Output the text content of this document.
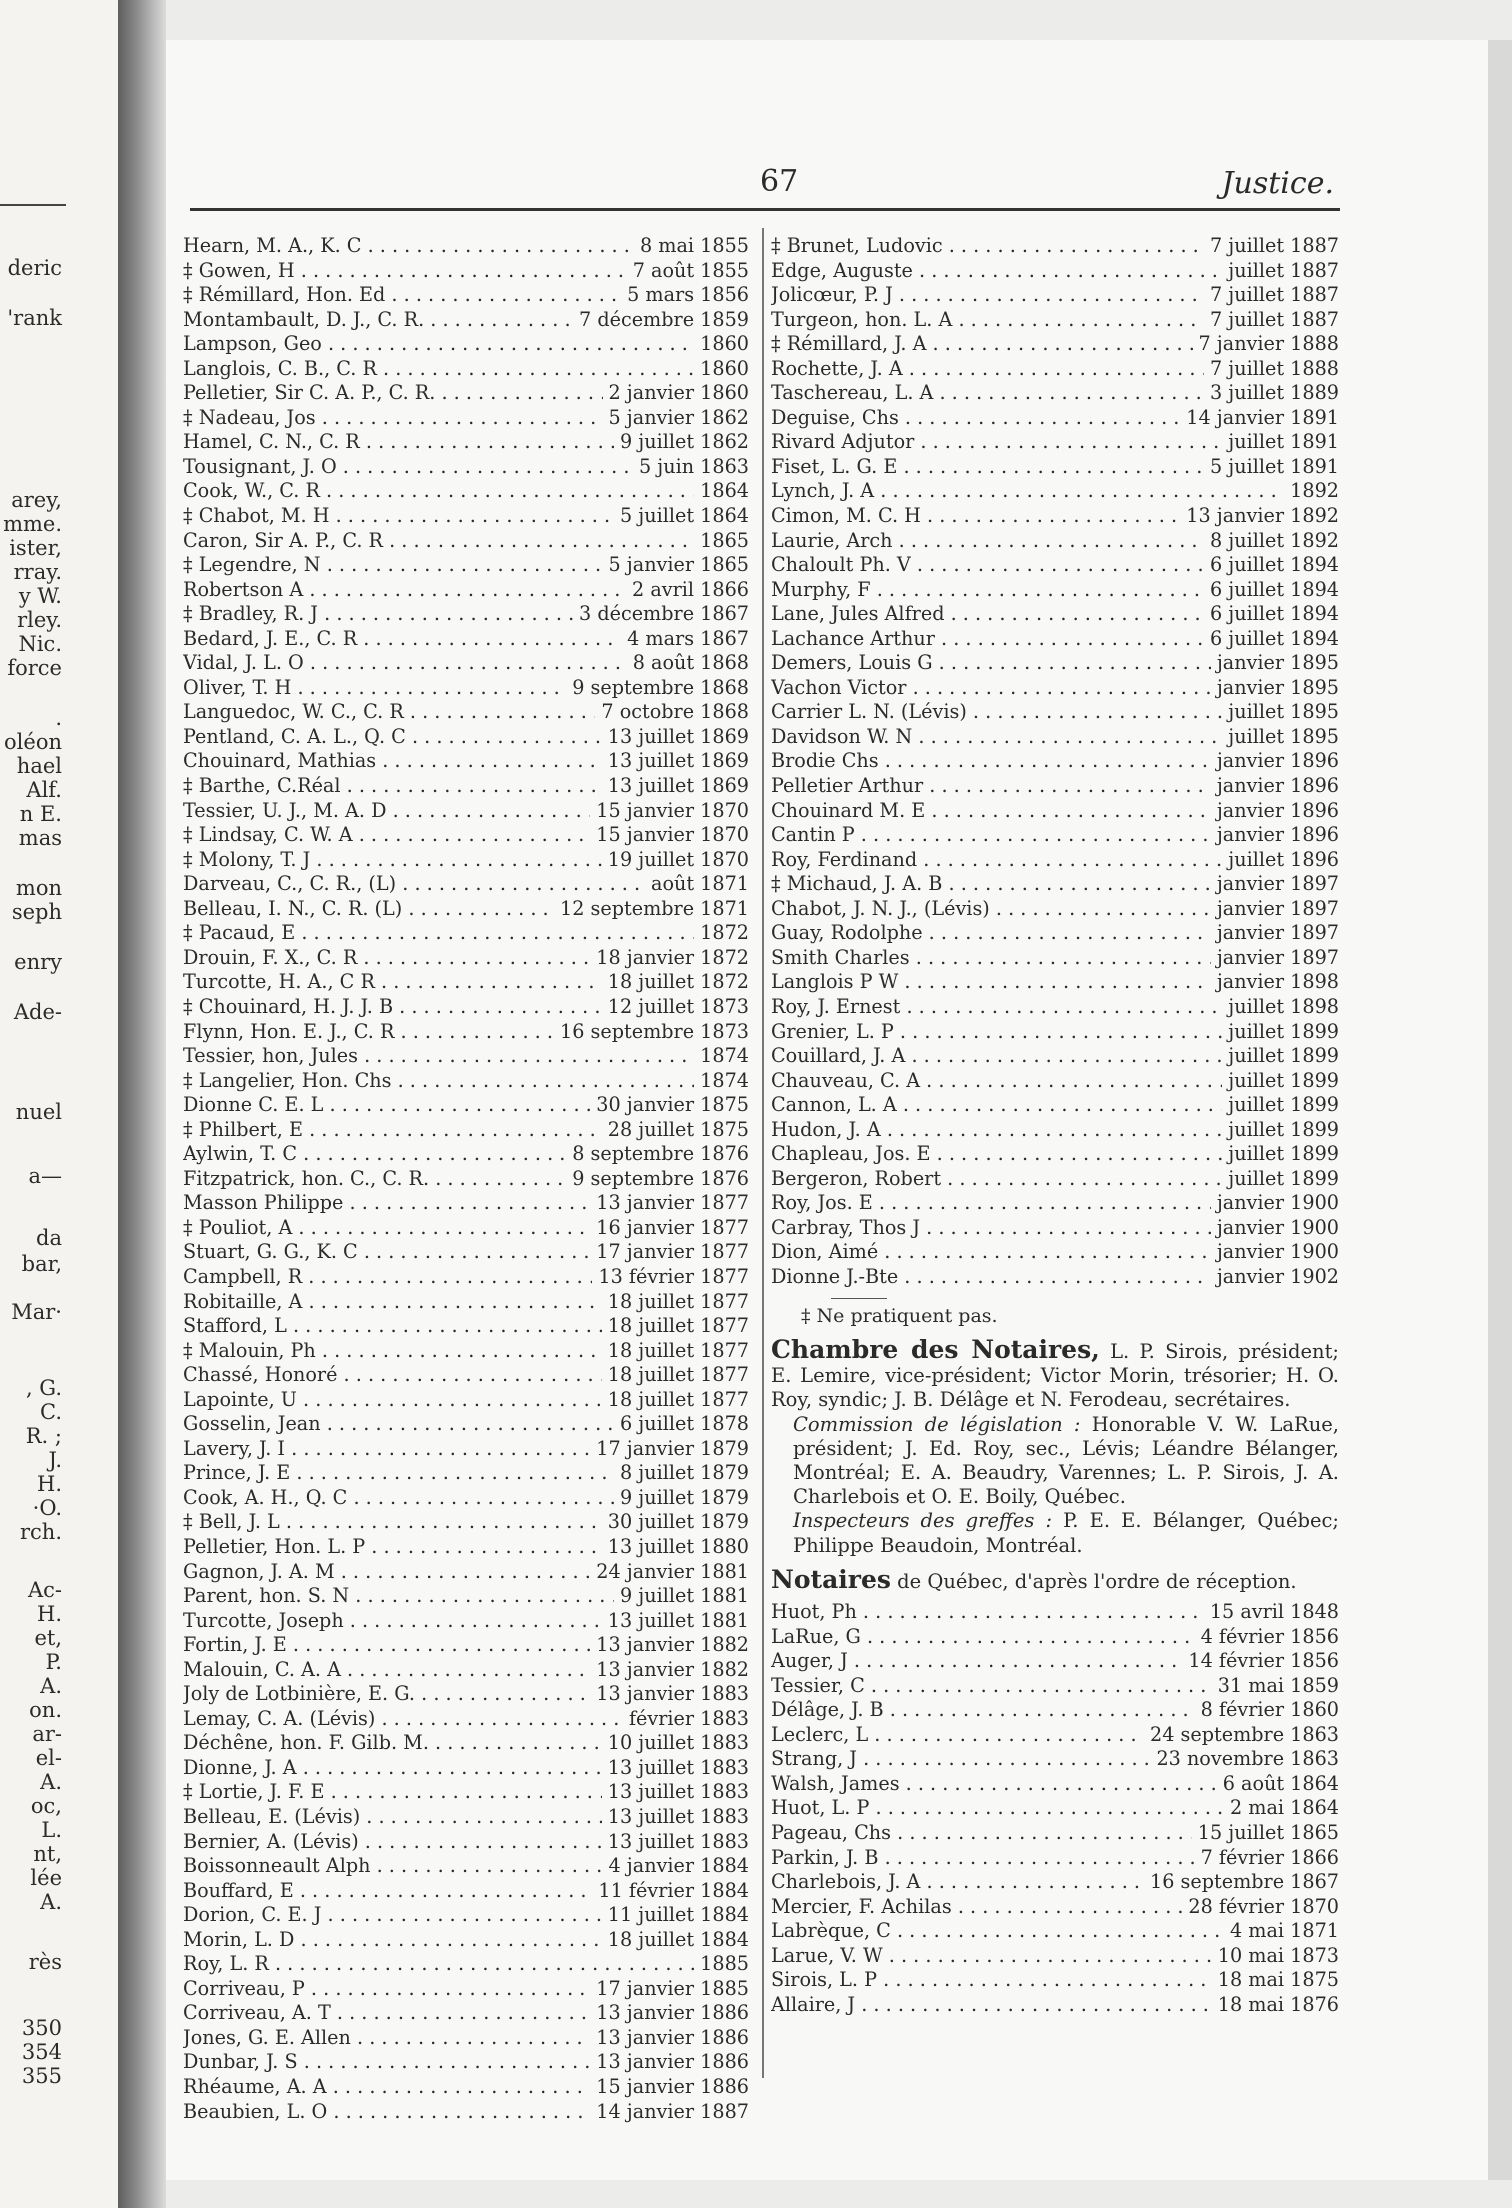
deric
'rank
arey,
mme.
ister,
rray.
y W.
rley.
Nic.
force
.
oléon
hael
Alf.
n E.
mas
mon
seph
enry
Ade-
nuel
a—
da
bar,
Mar·
, G.
C.
R. ;
J.
H.
·O.
rch.
Ac-
H.
et,
P.
A.
on.
ar-
el-
A.
oc,
L.
nt,
lée
A.
rès
350
354
355
67	Justice.
Hearn, M. A., K. C . . .	8 mai 1855
‡ Gowen, H . . .	7 août 1855
‡ Rémillard, Hon. Ed . . .	5 mars 1856
Montambault, D. J., C. R. . . .	7 décembre 1859
Lampson, Geo . . .	1860
Langlois, C. B., C. R . . .	1860
Pelletier, Sir C. A. P., C. R. . . .	2 janvier 1860
‡ Nadeau, Jos . . .	5 janvier 1862
Hamel, C. N., C. R . . .	9 juillet 1862
Tousignant, J. O . . .	5 juin 1863
Cook, W., C. R . . .	1864
‡ Chabot, M. H . . .	5 juillet 1864
Caron, Sir A. P., C. R . . .	1865
‡ Legendre, N . . .	5 janvier 1865
Robertson A . . .	2 avril 1866
‡ Bradley, R. J . . .	3 décembre 1867
Bedard, J. E., C. R . . .	4 mars 1867
Vidal, J. L. O . . .	8 août 1868
Oliver, T. H . . .	9 septembre 1868
Languedoc, W. C., C. R . . .	7 octobre 1868
Pentland, C. A. L., Q. C . . .	13 juillet 1869
Chouinard, Mathias . . .	13 juillet 1869
‡ Barthe, C.Réal . . .	13 juillet 1869
Tessier, U. J., M. A. D . . .	15 janvier 1870
‡ Lindsay, C. W. A . . .	15 janvier 1870
‡ Molony, T. J . . .	19 juillet 1870
Darveau, C., C. R., (L) . . .	août 1871
Belleau, I. N., C. R. (L) . . .	12 septembre 1871
‡ Pacaud, E . . .	1872
Drouin, F. X., C. R . . .	18 janvier 1872
Turcotte, H. A., C R . . .	18 juillet 1872
‡ Chouinard, H. J. J. B . . .	12 juillet 1873
Flynn, Hon. E. J., C. R . . .	16 septembre 1873
Tessier, hon, Jules . . .	1874
‡ Langelier, Hon. Chs . . .	1874
Dionne C. E. L . . .	30 janvier 1875
‡ Philbert, E . . .	28 juillet 1875
Aylwin, T. C . . .	8 septembre 1876
Fitzpatrick, hon. C., C. R. . . .	9 septembre 1876
Masson Philippe . . .	13 janvier 1877
‡ Pouliot, A . . .	16 janvier 1877
Stuart, G. G., K. C . . .	17 janvier 1877
Campbell, R . . .	13 février 1877
Robitaille, A . . .	18 juillet 1877
Stafford, L . . .	18 juillet 1877
‡ Malouin, Ph . . .	18 juillet 1877
Chassé, Honoré . . .	18 juillet 1877
Lapointe, U . . .	18 juillet 1877
Gosselin, Jean . . .	6 juillet 1878
Lavery, J. I . . .	17 janvier 1879
Prince, J. E . . .	8 juillet 1879
Cook, A. H., Q. C . . .	9 juillet 1879
‡ Bell, J. L . . .	30 juillet 1879
Pelletier, Hon. L. P . . .	13 juillet 1880
Gagnon, J. A. M . . .	24 janvier 1881
Parent, hon. S. N . . .	9 juillet 1881
Turcotte, Joseph . . .	13 juillet 1881
Fortin, J. E . . .	13 janvier 1882
Malouin, C. A. A . . .	13 janvier 1882
Joly de Lotbinière, E. G. . . .	13 janvier 1883
Lemay, C. A. (Lévis) . . .	février 1883
Déchêne, hon. F. Gilb. M. . . .	10 juillet 1883
Dionne, J. A . . .	13 juillet 1883
‡ Lortie, J. F. E . . .	13 juillet 1883
Belleau, E. (Lévis) . . .	13 juillet 1883
Bernier, A. (Lévis) . . .	13 juillet 1883
Boissonneault Alph . . .	4 janvier 1884
Bouffard, E . . .	11 février 1884
Dorion, C. E. J . . .	11 juillet 1884
Morin, L. D . . .	18 juillet 1884
Roy, L. R . . .	1885
Corriveau, P . . .	17 janvier 1885
Corriveau, A. T . . .	13 janvier 1886
Jones, G. E. Allen . . .	13 janvier 1886
Dunbar, J. S . . .	13 janvier 1886
Rhéaume, A. A . . .	15 janvier 1886
Beaubien, L. O . . .	14 janvier 1887
‡ Brunet, Ludovic . . .	7 juillet 1887
Edge, Auguste . . .	juillet 1887
Jolicœur, P. J . . .	7 juillet 1887
Turgeon, hon. L. A . . .	7 juillet 1887
‡ Rémillard, J. A . . .	7 janvier 1888
Rochette, J. A . . .	7 juillet 1888
Taschereau, L. A . . .	3 juillet 1889
Deguise, Chs . . .	14 janvier 1891
Rivard Adjutor . . .	juillet 1891
Fiset, L. G. E . . .	5 juillet 1891
Lynch, J. A . . .	1892
Cimon, M. C. H . . .	13 janvier 1892
Laurie, Arch . . .	8 juillet 1892
Chaloult Ph. V . . .	6 juillet 1894
Murphy, F . . .	6 juillet 1894
Lane, Jules Alfred . . .	6 juillet 1894
Lachance Arthur . . .	6 juillet 1894
Demers, Louis G . . .	janvier 1895
Vachon Victor . . .	janvier 1895
Carrier L. N. (Lévis) . . .	juillet 1895
Davidson W. N . . .	juillet 1895
Brodie Chs . . .	janvier 1896
Pelletier Arthur . . .	janvier 1896
Chouinard M. E . . .	janvier 1896
Cantin P . . .	janvier 1896
Roy, Ferdinand . . .	juillet 1896
‡ Michaud, J. A. B . . .	janvier 1897
Chabot, J. N. J., (Lévis) . . .	janvier 1897
Guay, Rodolphe . . .	janvier 1897
Smith Charles . . .	janvier 1897
Langlois P W . . .	janvier 1898
Roy, J. Ernest . . .	juillet 1898
Grenier, L. P . . .	juillet 1899
Couillard, J. A . . .	juillet 1899
Chauveau, C. A . . .	juillet 1899
Cannon, L. A . . .	juillet 1899
Hudon, J. A . . .	juillet 1899
Chapleau, Jos. E . . .	juillet 1899
Bergeron, Robert . . .	juillet 1899
Roy, Jos. E . . .	janvier 1900
Carbray, Thos J . . .	janvier 1900
Dion, Aimé . . .	janvier 1900
Dionne J.-Bte . . .	janvier 1902
‡ Ne pratiquent pas.
Chambre des Notaires, L. P. Sirois, président; E. Lemire, vice-président; Victor Morin, trésorier; H. O. Roy, syndic; J. B. Délâge et N. Ferodeau, secrétaires.
Commission de législation : Honorable V. W. LaRue, président; J. Ed. Roy, sec., Lévis; Léandre Bélanger, Montréal; E. A. Beaudry, Varennes; L. P. Sirois, J. A. Charlebois et O. E. Boily, Québec.
Inspecteurs des greffes : P. E. E. Bélanger, Québec; Philippe Beaudoin, Montréal.
Notaires de Québec, d'après l'ordre de réception.
Huot, Ph . . .	15 avril 1848
LaRue, G . . .	4 février 1856
Auger, J . . .	14 février 1856
Tessier, C . . .	31 mai 1859
Délâge, J. B . . .	8 février 1860
Leclerc, L . . .	24 septembre 1863
Strang, J . . .	23 novembre 1863
Walsh, James . . .	6 août 1864
Huot, L. P . . .	2 mai 1864
Pageau, Chs . . .	15 juillet 1865
Parkin, J. B . . .	7 février 1866
Charlebois, J. A . . .	16 septembre 1867
Mercier, F. Achilas . . .	28 février 1870
Labrèque, C . . .	4 mai 1871
Larue, V. W . . .	10 mai 1873
Sirois, L. P . . .	18 mai 1875
Allaire, J . . .	18 mai 1876
